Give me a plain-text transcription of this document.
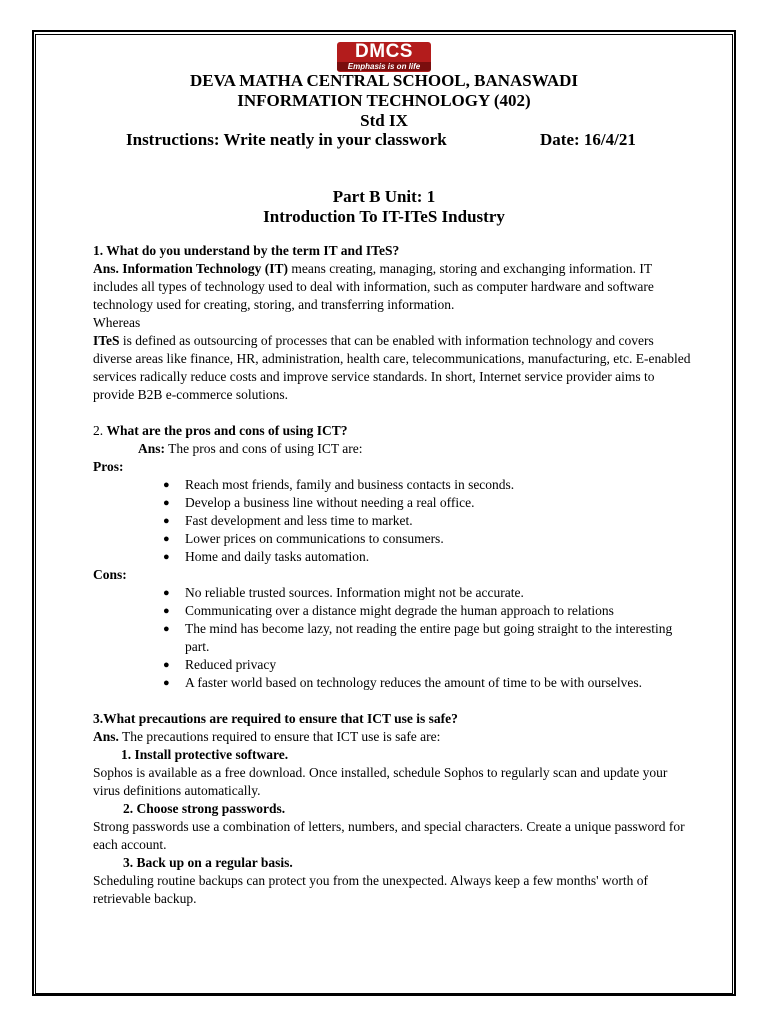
DMCS
Emphasis is on life
DEVA MATHA CENTRAL SCHOOL, BANASWADI
INFORMATION TECHNOLOGY (402)
Std IX
Instructions: Write neatly in your classwork	Date: 16/4/21
Part B Unit: 1
Introduction To IT-ITeS Industry

1. What do you understand by the term IT and ITeS?

Ans. Information Technology (IT) means creating, managing, storing and exchanging information. IT includes all types of technology used to deal with information, such as computer hardware and software technology used for creating, storing, and transferring information.

Whereas

ITeS is defined as outsourcing of processes that can be enabled with information technology and covers diverse areas like finance, HR, administration, health care, telecommunications, manufacturing, etc. E-enabled services radically reduce costs and improve service standards. In short, Internet service provider aims to provide B2B e-commerce solutions.

2. What are the pros and cons of using ICT?

Ans: The pros and cons of using ICT are:

Pros:

● Reach most friends, family and business contacts in seconds.
● Develop a business line without needing a real office.
● Fast development and less time to market.
● Lower prices on communications to consumers.
● Home and daily tasks automation.

Cons:

● No reliable trusted sources. Information might not be accurate.
● Communicating over a distance might degrade the human approach to relations
● The mind has become lazy, not reading the entire page but going straight to the interesting part.
● Reduced privacy
● A faster world based on technology reduces the amount of time to be with ourselves.

3.What precautions are required to ensure that ICT use is safe?

Ans. The precautions required to ensure that ICT use is safe are:

1. Install protective software.

Sophos is available as a free download. Once installed, schedule Sophos to regularly scan and update your virus definitions automatically.

2. Choose strong passwords.

Strong passwords use a combination of letters, numbers, and special characters. Create a unique password for each account.

3. Back up on a regular basis.

Scheduling routine backups can protect you from the unexpected. Always keep a few months' worth of retrievable backup.
